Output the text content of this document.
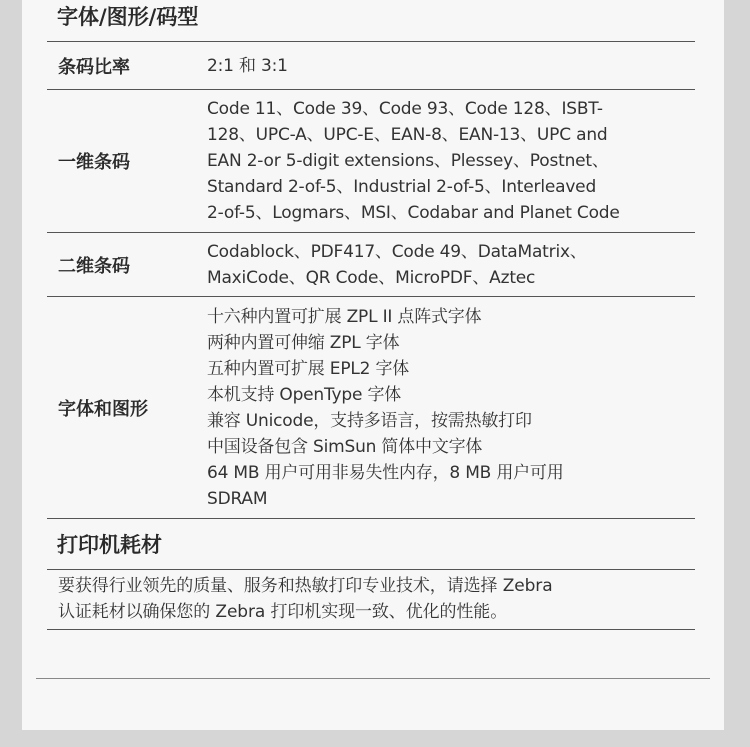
字体/图形/码型
条码比率	2:1 和 3:1
一维条码
Code 11、Code 39、Code 93、Code 128、ISBT-
128、UPC-A、UPC-E、EAN-8、EAN-13、UPC and
EAN 2-or 5-digit extensions、Plessey、Postnet、
Standard 2-of-5、Industrial 2-of-5、Interleaved
2-of-5、Logmars、MSI、Codabar and Planet Code
二维条码
Codablock、PDF417、Code 49、DataMatrix、
MaxiCode、QR Code、MicroPDF、Aztec
字体和图形
十六种内置可扩展 ZPL II 点阵式字体
两种内置可伸缩 ZPL 字体
五种内置可扩展 EPL2 字体
本机支持 OpenType 字体
兼容 Unicode，支持多语言，按需热敏打印
中国设备包含 SimSun 简体中文字体
64 MB 用户可用非易失性内存，8 MB 用户可用
SDRAM
打印机耗材
要获得行业领先的质量、服务和热敏打印专业技术，请选择 Zebra
认证耗材以确保您的 Zebra 打印机实现一致、优化的性能。
